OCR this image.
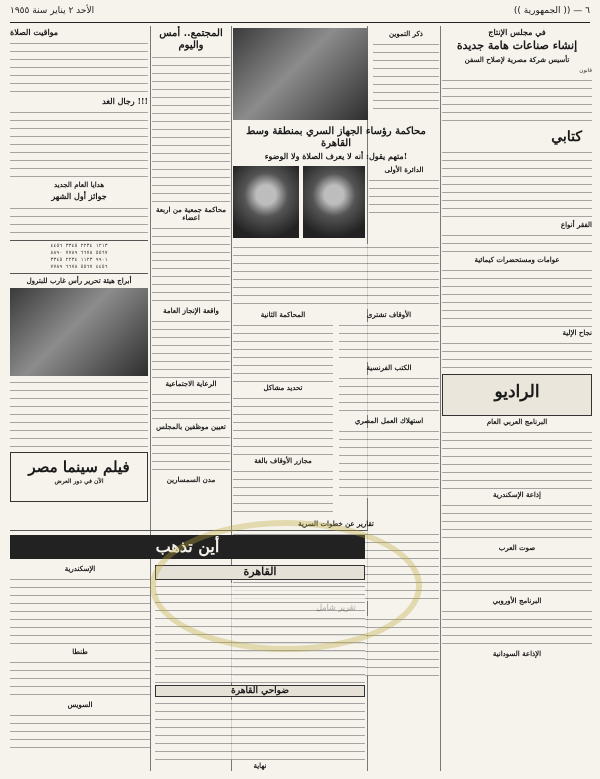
٦ — (( الجمهورية ))
الأحد ٢ يناير سنة ١٩٥٥
في مجلس الإنتاج
إنشاء صناعات هامة جديدة
تأسيس شركة مصرية لإصلاح السفن
قانون
كتابي
الفقر أنواع
عوامات ومستحضرات كيمائية
نجاح الإلية
الراديو
البرنامج العربي العام
إذاعة الإسكندرية
صوت العرب
البرنامج الأوروبي
الإذاعة السودانية
ذكر التموين
محاكمة رؤساء الجهاز السري بمنطقة وسط القاهرة
متهم يقول: أنه لا يعرف الصلاة ولا الوضوء!
الدائرة الأولى
المحاكمة الثانية
تحديد مشاكل
مجازر الأوقاف بالغة
الأوقاف تشترى
الكتب الفرنسية
استهلاك العمل المصري
تقارير عن خطوات السرية
المجتمع.. أمس واليوم
محاكمة جمعية من اربعة اعضاء
واقعة الإنجاز العامة
الرعاية الاجتماعية
تعيين موظفين بالمجلس
مدن السمسارين
مواقيت الصلاة
رجال الغد !!!
هدايا العام الجديد
جوائز أول الشهر
١٢١٣ ٢٢٣٤ ٣٣٤٥ ٤٤٥٦
٥٥٦٧ ٦٦٧٨ ٧٧٨٩ ٨٨٩٠
٩٩٠١ ١١٢٣ ٢٢٣٤ ٣٣٤٥
٤٤٥٦ ٥٥٦٧ ٦٦٧٨ ٧٧٨٩
أبراج هيئة تحرير رأس غارب للبترول
فيلم سينما مصر
الآن في دور العرض
أين تذهب
الإسكندرية
طنطا
السويس
القاهرة
ضواحي القاهرة
نهاية
